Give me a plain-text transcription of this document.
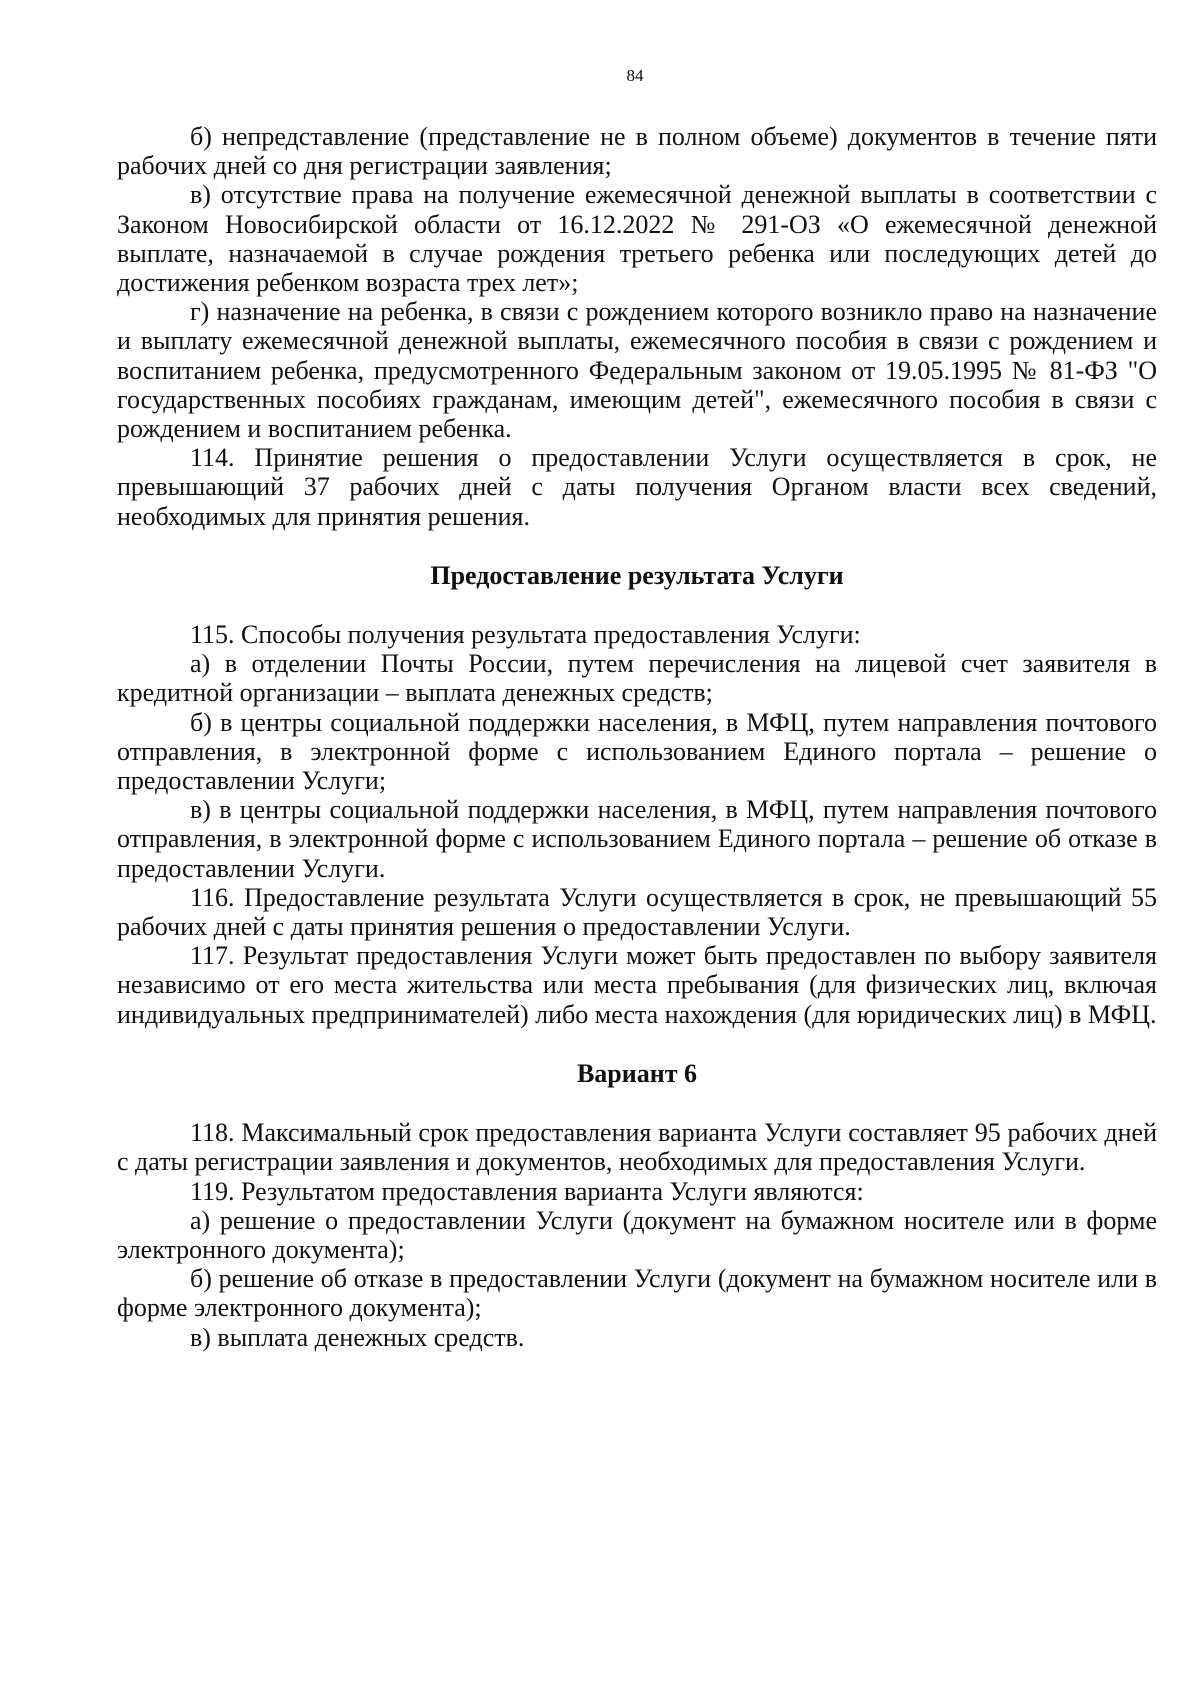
84

б) непредставление (представление не в полном объеме) документов в течение пяти рабочих дней со дня регистрации заявления;

в) отсутствие права на получение ежемесячной денежной выплаты в соответствии с Законом Новосибирской области от 16.12.2022 № 291-ОЗ «О ежемесячной денежной выплате, назначаемой в случае рождения третьего ребенка или последующих детей до достижения ребенком возраста трех лет»;

г) назначение на ребенка, в связи с рождением которого возникло право на назначение и выплату ежемесячной денежной выплаты, ежемесячного пособия в связи с рождением и воспитанием ребенка, предусмотренного Федеральным законом от 19.05.1995 № 81-ФЗ "О государственных пособиях гражданам, имеющим детей", ежемесячного пособия в связи с рождением и воспитанием ребенка.

114. Принятие решения о предоставлении Услуги осуществляется в срок, не превышающий 37 рабочих дней с даты получения Органом власти всех сведений, необходимых для принятия решения.

Предоставление результата Услуги

115. Способы получения результата предоставления Услуги:

а) в отделении Почты России, путем перечисления на лицевой счет заявителя в кредитной организации – выплата денежных средств;

б) в центры социальной поддержки населения, в МФЦ, путем направления почтового отправления, в электронной форме с использованием Единого портала – решение о предоставлении Услуги;

в) в центры социальной поддержки населения, в МФЦ, путем направления почтового отправления, в электронной форме с использованием Единого портала – решение об отказе в предоставлении Услуги.

116. Предоставление результата Услуги осуществляется в срок, не превышающий 55 рабочих дней с даты принятия решения о предоставлении Услуги.

117. Результат предоставления Услуги может быть предоставлен по выбору заявителя независимо от его места жительства или места пребывания (для физических лиц, включая индивидуальных предпринимателей) либо места нахождения (для юридических лиц) в МФЦ.

Вариант 6

118. Максимальный срок предоставления варианта Услуги составляет 95 рабочих дней с даты регистрации заявления и документов, необходимых для предоставления Услуги.

119. Результатом предоставления варианта Услуги являются:

а) решение о предоставлении Услуги (документ на бумажном носителе или в форме электронного документа);

б) решение об отказе в предоставлении Услуги (документ на бумажном носителе или в форме электронного документа);

в) выплата денежных средств.
